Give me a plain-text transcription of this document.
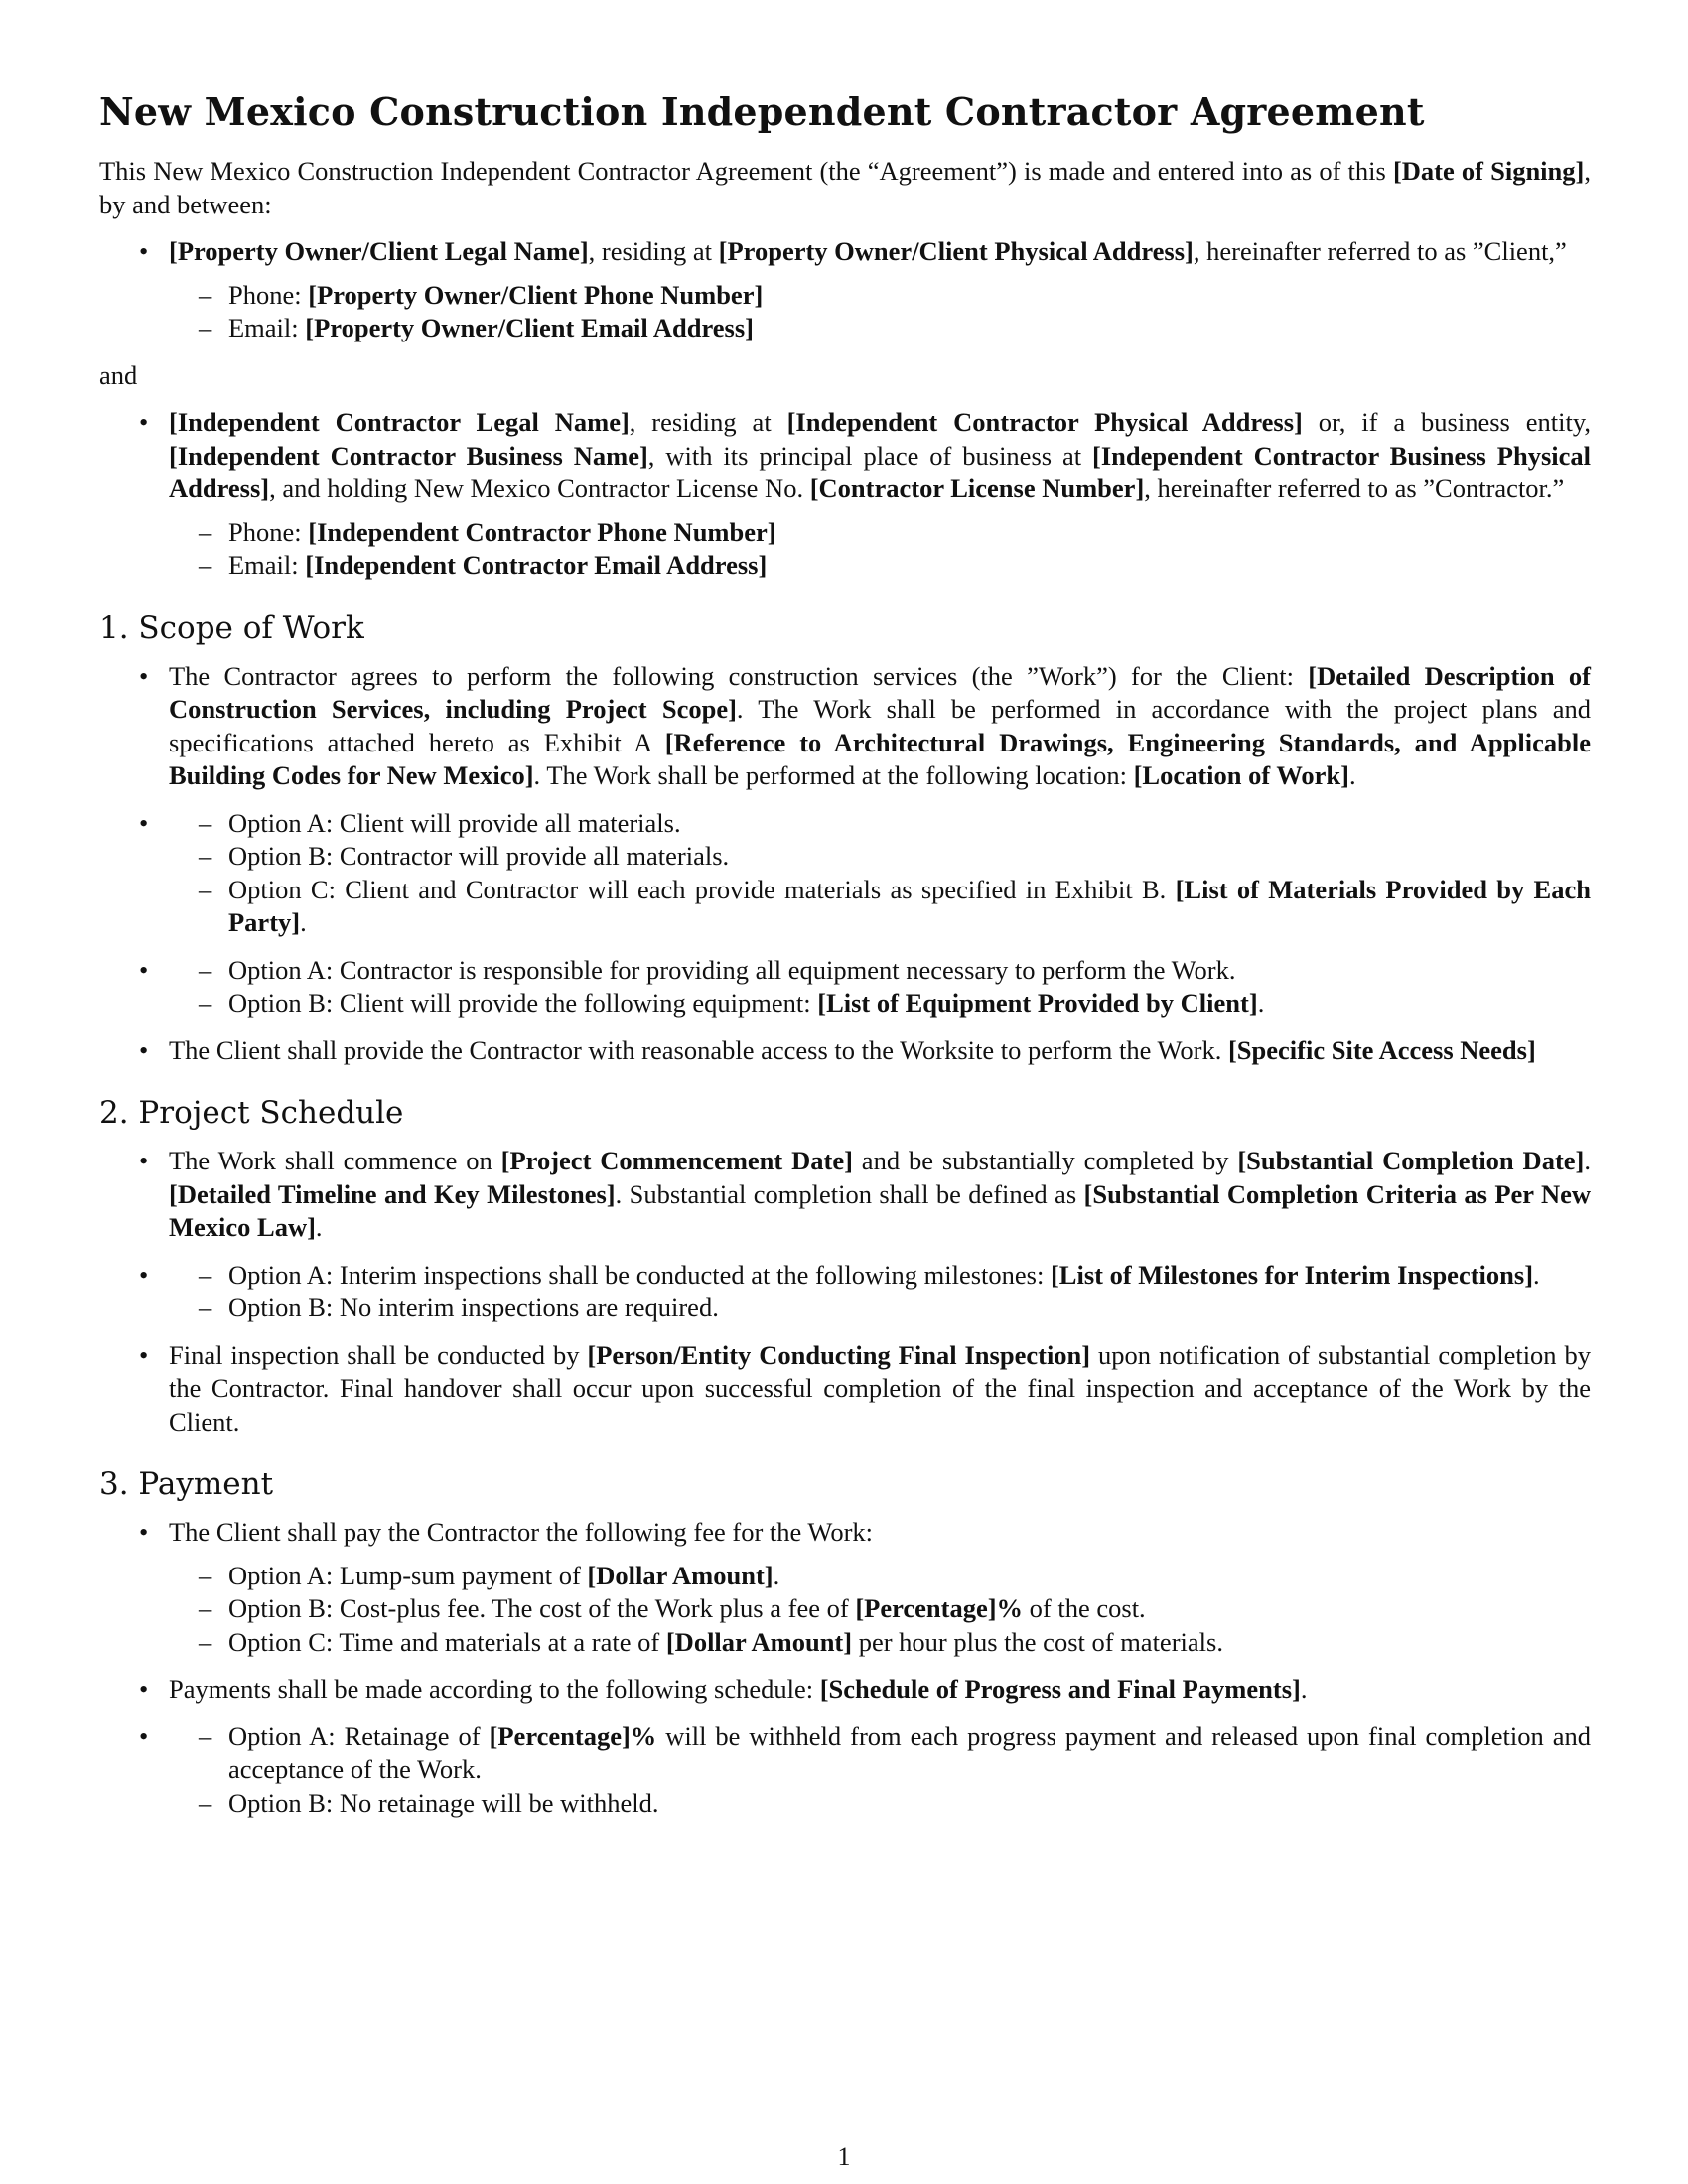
New Mexico Construction Independent Contractor Agreement

This New Mexico Construction Independent Contractor Agreement (the “Agreement”) is made and entered into as of this [Date of Signing], by and between:

• [Property Owner/Client Legal Name], residing at [Property Owner/Client Physical Address], hereinafter referred to as ”Client,”
– Phone: [Property Owner/Client Phone Number]
– Email: [Property Owner/Client Email Address]

and

• [Independent Contractor Legal Name], residing at [Independent Contractor Physical Address] or, if a business entity, [Independent Contractor Business Name], with its principal place of business at [Independent Contractor Business Physical Address], and holding New Mexico Contractor License No. [Contractor License Number], hereinafter referred to as ”Contractor.”
– Phone: [Independent Contractor Phone Number]
– Email: [Independent Contractor Email Address]
1. Scope of Work
• The Contractor agrees to perform the following construction services (the ”Work”) for the Client: [Detailed Description of Construction Services, including Project Scope]. The Work shall be performed in accordance with the project plans and specifications attached hereto as Exhibit A [Reference to Architectural Drawings, Engineering Standards, and Applicable Building Codes for New Mexico]. The Work shall be performed at the following location: [Location of Work].
– • Option A: Client will provide all materials.
– Option B: Contractor will provide all materials.
– Option C: Client and Contractor will each provide materials as specified in Exhibit B. [List of Materials Provided by Each Party].
– • Option A: Contractor is responsible for providing all equipment necessary to perform the Work.
– Option B: Client will provide the following equipment: [List of Equipment Provided by Client].
• The Client shall provide the Contractor with reasonable access to the Worksite to perform the Work. [Specific Site Access Needs]
2. Project Schedule
• The Work shall commence on [Project Commencement Date] and be substantially completed by [Substantial Completion Date]. [Detailed Timeline and Key Milestones]. Substantial completion shall be defined as [Substantial Completion Criteria as Per New Mexico Law].
– • Option A: Interim inspections shall be conducted at the following milestones: [List of Milestones for Interim Inspections].
– Option B: No interim inspections are required.
• Final inspection shall be conducted by [Person/Entity Conducting Final Inspection] upon notification of substantial completion by the Contractor. Final handover shall occur upon successful completion of the final inspection and acceptance of the Work by the Client.
3. Payment
• The Client shall pay the Contractor the following fee for the Work:
– Option A: Lump-sum payment of [Dollar Amount].
– Option B: Cost-plus fee. The cost of the Work plus a fee of [Percentage]% of the cost.
– Option C: Time and materials at a rate of [Dollar Amount] per hour plus the cost of materials.
• Payments shall be made according to the following schedule: [Schedule of Progress and Final Payments].
– • Option A: Retainage of [Percentage]% will be withheld from each progress payment and released upon final completion and acceptance of the Work.
– Option B: No retainage will be withheld.
1
